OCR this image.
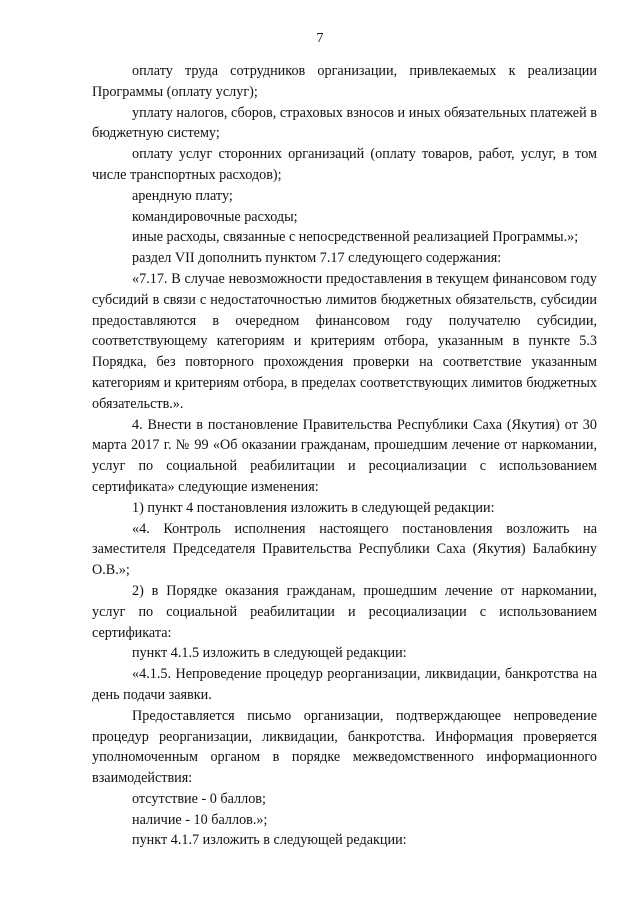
7

оплату труда сотрудников организации, привлекаемых к реализации Программы (оплату услуг);

уплату налогов, сборов, страховых взносов и иных обязательных платежей в бюджетную систему;

оплату услуг сторонних организаций (оплату товаров, работ, услуг, в том числе транспортных расходов);

арендную плату;

командировочные расходы;

иные расходы, связанные с непосредственной реализацией Программы.»;

раздел VII дополнить пунктом 7.17 следующего содержания:

«7.17. В случае невозможности предоставления в текущем финансовом году субсидий в связи с недостаточностью лимитов бюджетных обязательств, субсидии предоставляются в очередном финансовом году получателю субсидии, соответствующему категориям и критериям отбора, указанным в пункте 5.3 Порядка, без повторного прохождения проверки на соответствие указанным категориям и критериям отбора, в пределах соответствующих лимитов бюджетных обязательств.».

4. Внести в постановление Правительства Республики Саха (Якутия) от 30 марта 2017 г. № 99 «Об оказании гражданам, прошедшим лечение от наркомании, услуг по социальной реабилитации и ресоциализации с использованием сертификата» следующие изменения:

1) пункт 4 постановления изложить в следующей редакции:

«4. Контроль исполнения настоящего постановления возложить на заместителя Председателя Правительства Республики Саха (Якутия) Балабкину О.В.»;

2) в Порядке оказания гражданам, прошедшим лечение от наркомании, услуг по социальной реабилитации и ресоциализации с использованием сертификата:

пункт 4.1.5 изложить в следующей редакции:

«4.1.5. Непроведение процедур реорганизации, ликвидации, банкротства на день подачи заявки.

Предоставляется письмо организации, подтверждающее непроведение процедур реорганизации, ликвидации, банкротства. Информация проверяется уполномоченным органом в порядке межведомственного информационного взаимодействия:

отсутствие - 0 баллов;

наличие - 10 баллов.»;

пункт 4.1.7 изложить в следующей редакции:
